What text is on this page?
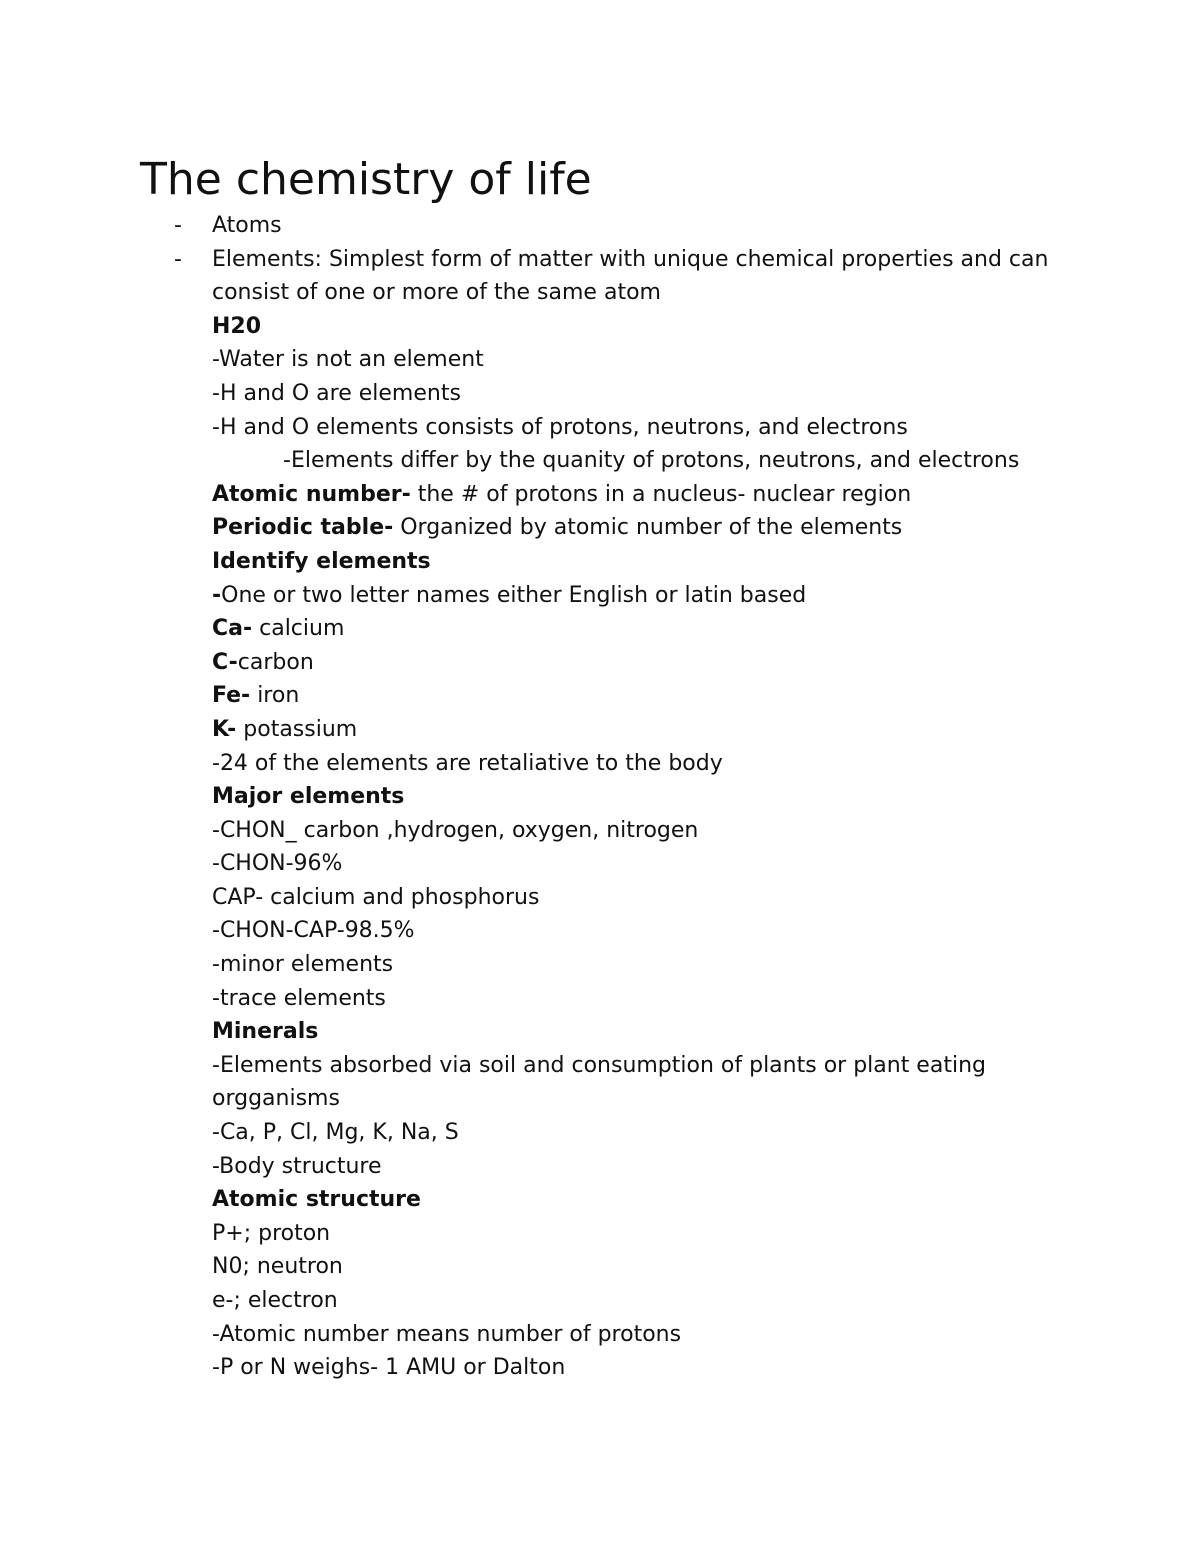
The chemistry of life
- Atoms
- Elements: Simplest form of matter with unique chemical properties and can
consist of one or more of the same atom
H20
-Water is not an element
-H and O are elements
-H and O elements consists of protons, neutrons, and electrons
-Elements differ by the quanity of protons, neutrons, and electrons
Atomic number- the # of protons in a nucleus- nuclear region
Periodic table- Organized by atomic number of the elements
Identify elements
-One or two letter names either English or latin based
Ca- calcium
C-carbon
Fe- iron
K- potassium
-24 of the elements are retaliative to the body
Major elements
-CHON_ carbon ,hydrogen, oxygen, nitrogen
-CHON-96%
CAP- calcium and phosphorus
-CHON-CAP-98.5%
-minor elements
-trace elements
Minerals
-Elements absorbed via soil and consumption of plants or plant eating
orgganisms
-Ca, P, Cl, Mg, K, Na, S
-Body structure
Atomic structure
P+; proton
N0; neutron
e-; electron
-Atomic number means number of protons
-P or N weighs- 1 AMU or Dalton
